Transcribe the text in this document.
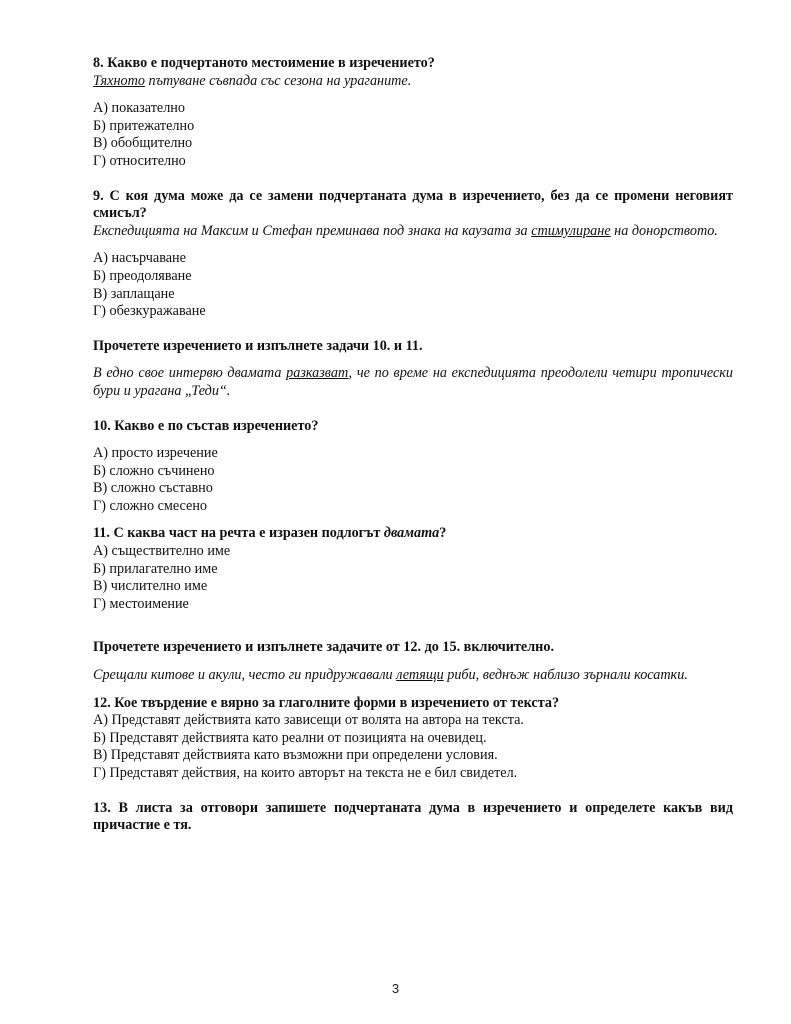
8. Какво е подчертаното местоимение в изречението?
Тяхното пътуване съвпада със сезона на ураганите.
А) показателно
Б) притежателно
В) обобщително
Г) относително
9. С коя дума може да се замени подчертаната дума в изречението, без да се промени неговият смисъл?
Експедицията на Максим и Стефан преминава под знака на каузата за стимулиране на донорството.
А) насърчаване
Б) преодоляване
В) заплащане
Г) обезкуражаване
Прочетете изречението и изпълнете задачи 10. и 11.
В едно свое интервю двамата разказват, че по време на експедицията преодолели четири тропически бури и урагана „Теди“.
10. Какво е по състав изречението?
А) просто изречение
Б) сложно съчинено
В) сложно съставно
Г) сложно смесено
11. С каква част на речта е изразен подлогът двамата?
А) съществително име
Б) прилагателно име
В) числително име
Г) местоимение
Прочетете изречението и изпълнете задачите от 12. до 15. включително.
Срещали китове и акули, често ги придружавали летящи риби, веднъж наблизо зърнали косатки.
12. Кое твърдение е вярно за глаголните форми в изречението от текста?
А) Представят действията като зависещи от волята на автора на текста.
Б) Представят действията като реални от позицията на очевидец.
В) Представят действията като възможни при определени условия.
Г) Представят действия, на които авторът на текста не е бил свидетел.
13. В листа за отговори запишете подчертаната дума в изречението и определете какъв вид причастие е тя.
3
